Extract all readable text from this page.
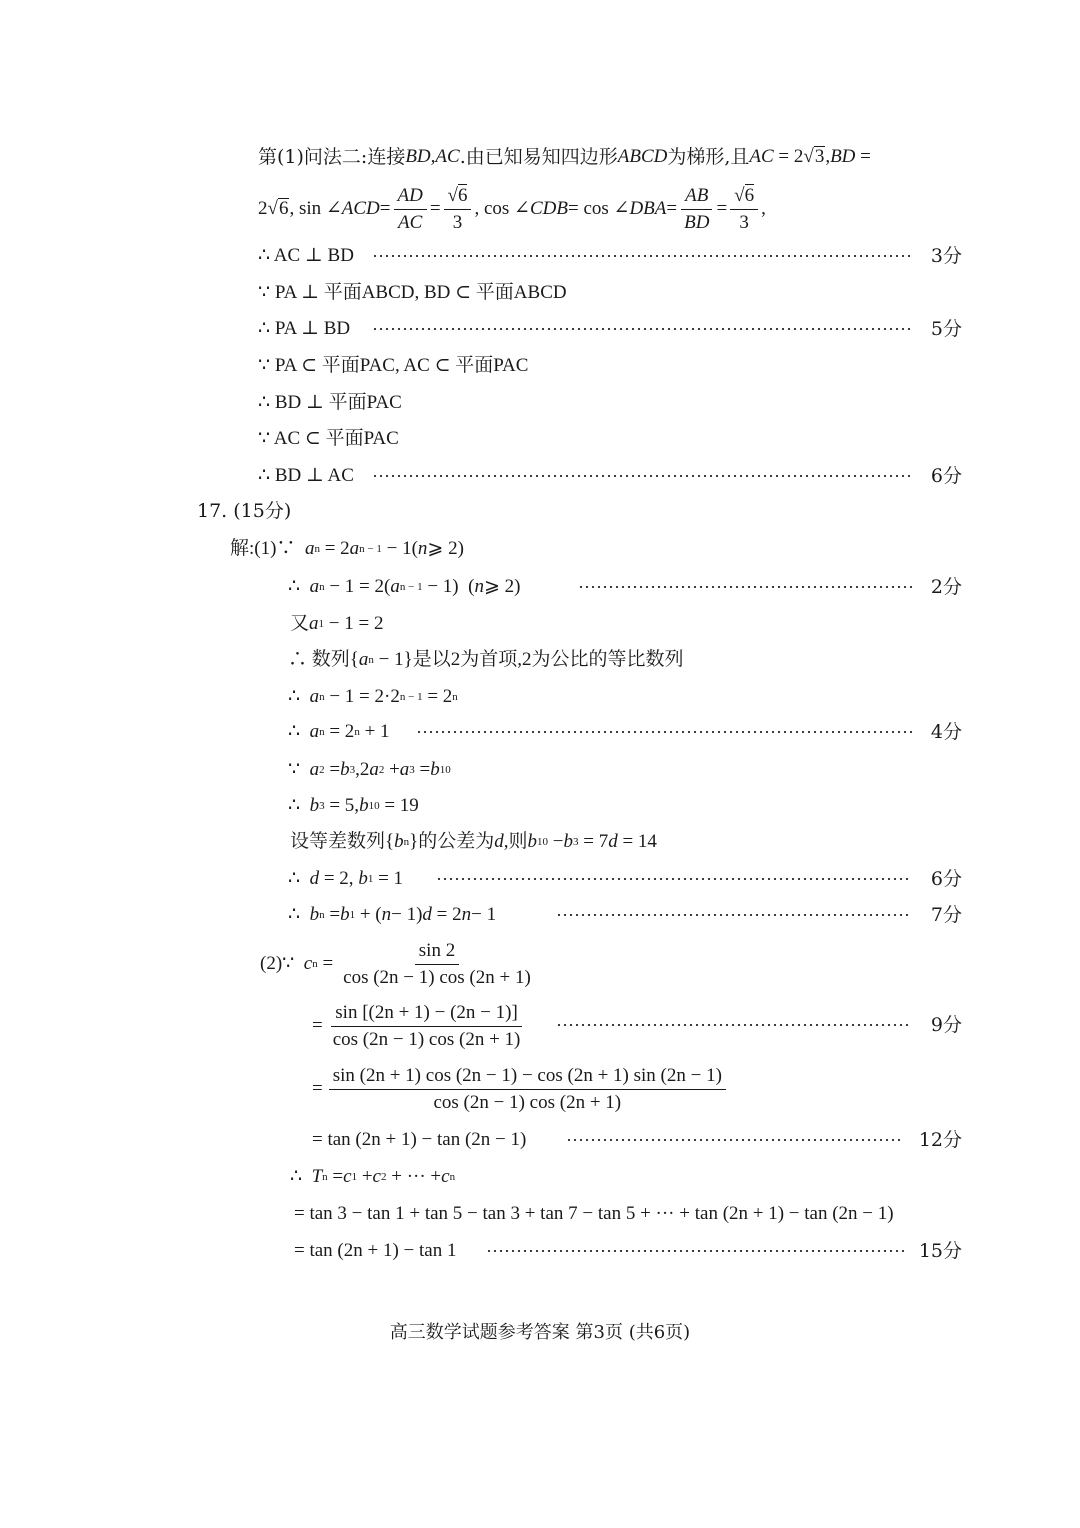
第(1)问法二:连接 BD,AC .由已知易知四边形 ABCD 为梯形,且 AC = 2 √ 3 , BD =
2 √ 6 , sin ∠ ACD = $\frac{AD}{AC} = \frac{√6}{3}$ , cos ∠ CDB = cos ∠ DBA = $\frac{AB}{BD} = \frac{√6}{3}$ ,
∴ AC ⊥ BD	3分
∵ PA ⊥ 平面ABCD, BD ⊂ 平面ABCD
∴ PA ⊥ BD	5分
∵ PA ⊂ 平面PAC, AC ⊂ 平面PAC
∴ BD ⊥ 平面PAC
∵ AC ⊂ 平面PAC
∴ BD ⊥ AC	6分
17. (15分)
解:(1)∵
a n = 2 a n − 1 − 1( n ⩾ 2)
∴
a n − 1 = 2( a n − 1 − 1)  ( n ⩾ 2)	2分
又 a 1 − 1 = 2
∴ 数列{ a n − 1 }是以2为首项,2为公比的等比数列
∴
a n − 1 = 2·2 n − 1 = 2 n
∴
a n = 2 n + 1	4分
∵
a 2 = b 3 ,2 a 2 + a 3 = b 10
∴
b 3 = 5, b 10 = 19
设等差数列{ b n }的公差为 d ,则 b 10 − b 3 = 7 d = 14
∴
d = 2, b 1 = 1	6分
∴
b n = b 1 + ( n − 1) d = 2 n − 1	7分
(2)∵
c $n = \frac{\sin 2}{\cos (2n - 1) \cos (2n + 1)}$
= $\frac{\sin [(2n + 1) - (2n - 1)]}{\cos (2n - 1) \cos (2n + 1)}$	9分
= $\frac{\sin (2n + 1) \cos (2n - 1) - \cos (2n + 1) \sin (2n - 1)}{\cos (2n - 1) \cos (2n + 1)}$
= tan (2n + 1) − tan (2n − 1)	12分
∴
T n = c 1 + c 2 + ··· + c n
= tan 3 − tan 1 + tan 5 − tan 3 + tan 7 − tan 5 + ··· + tan (2n + 1) − tan (2n − 1)
= tan (2n + 1) − tan 1	15分
高三数学试题参考答案 第3页 (共6页)
